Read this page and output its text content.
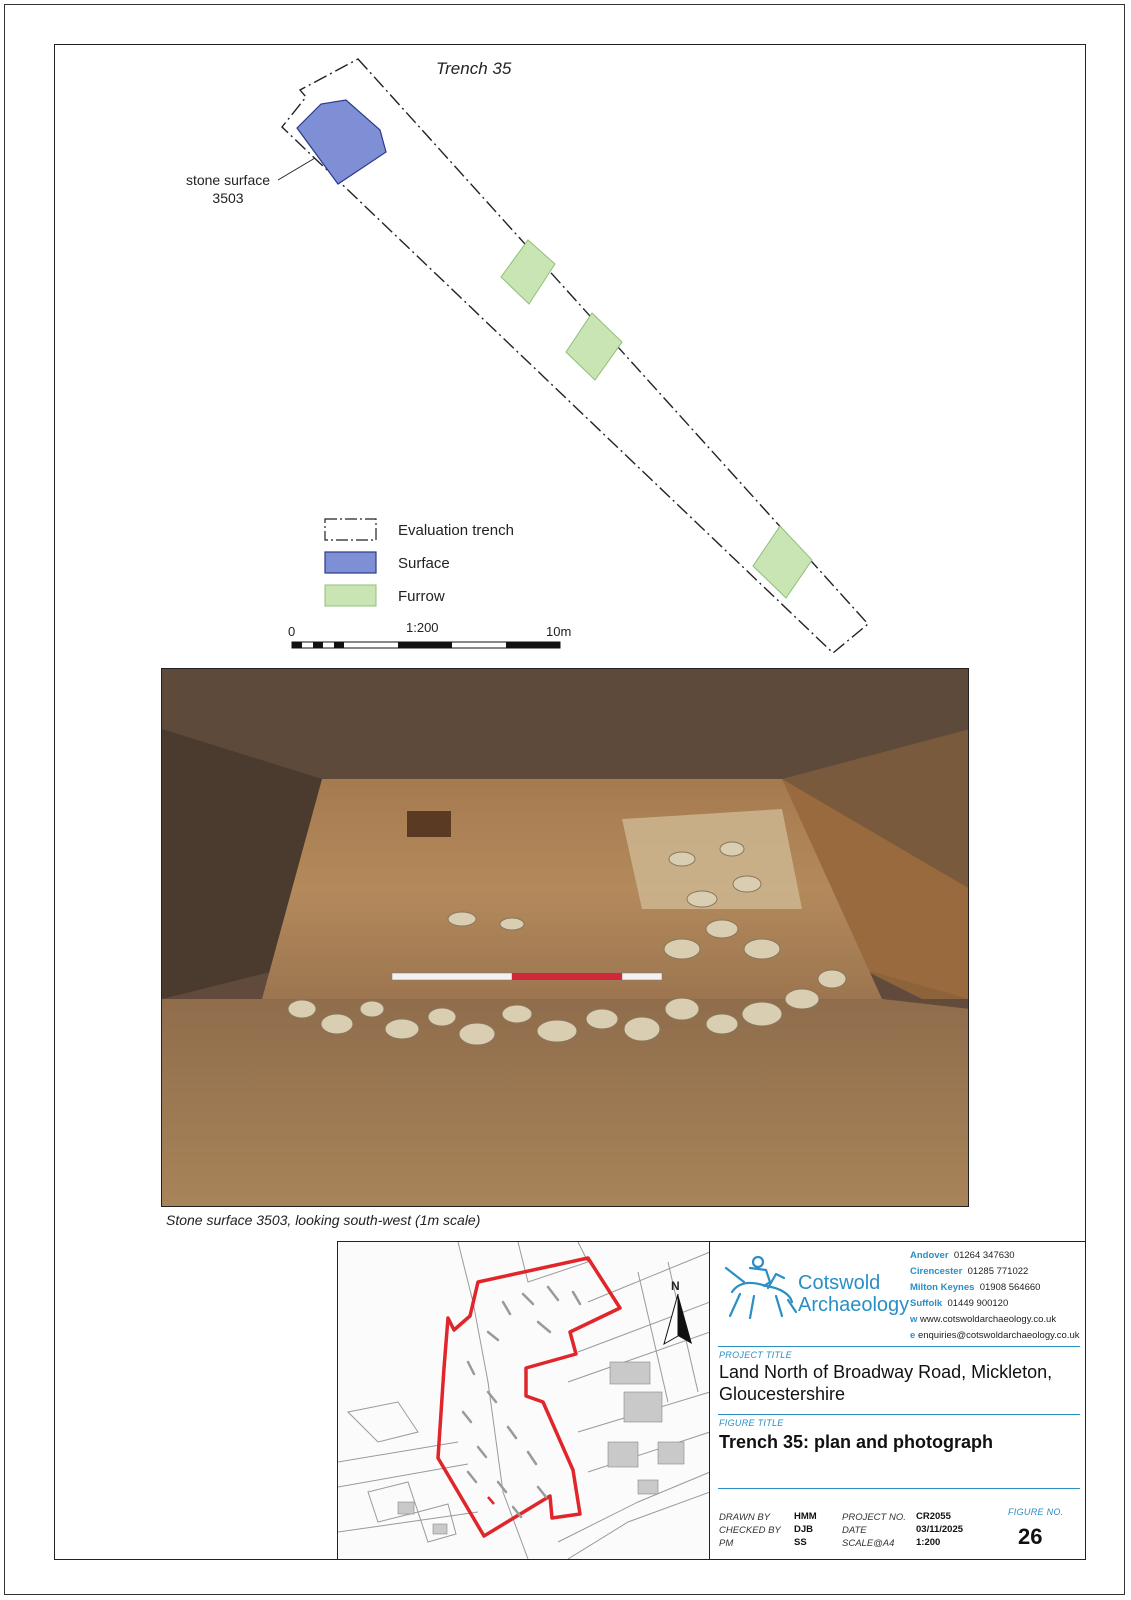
Trench 35
stone surface
3503
Evaluation trench
Surface
Furrow
0	1:200	10m
Stone surface 3503, looking south-west (1m scale)
N	Cotswold
Archaeology
Andover 01264 347630
Cirencester 01285 771022
Milton Keynes 01908 564660
Suffolk 01449 900120
w www.cotswoldarchaeology.co.uk
e enquiries@cotswoldarchaeology.co.uk
PROJECT TITLE
Land North of Broadway Road, Mickleton,
Gloucestershire
FIGURE TITLE
Trench 35: plan and photograph
DRAWN BY	HMM
CHECKED BY DJB
PM	SS
PROJECT NO. CR2055
DATE	03/11/2025
SCALE@A4 1:200
FIGURE NO.
26
